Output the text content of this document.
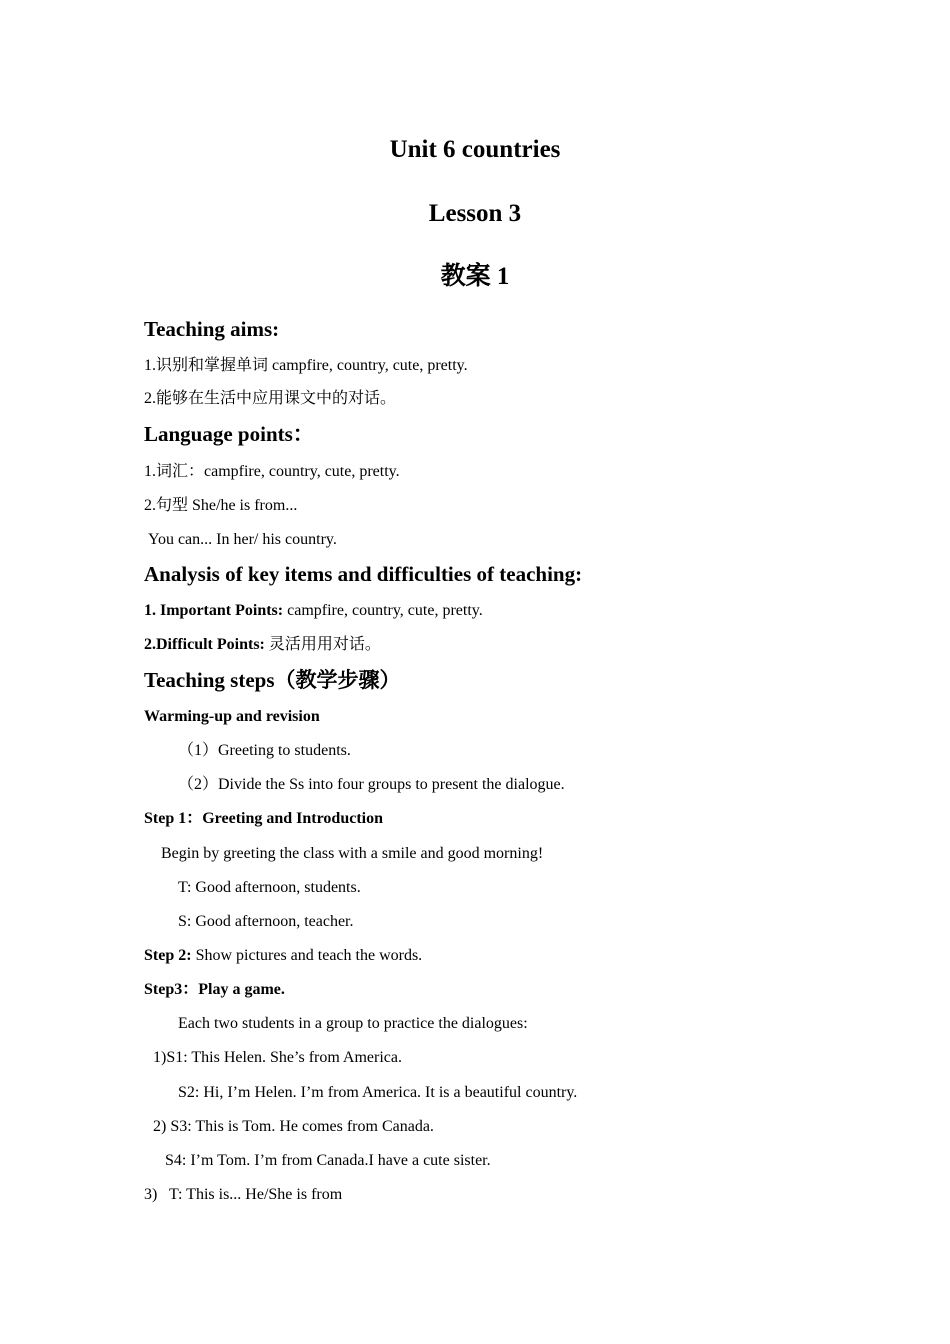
Unit 6 countries
Lesson 3
教案 1
Teaching aims:

1.识别和掌握单词 campfire, country, cute, pretty.

2.能够在生活中应用课文中的对话。

Language points：

1.词汇：campfire, country, cute, pretty.

2.句型 She/he is from...

You can... In her/ his country.

Analysis of key items and difficulties of teaching:

1. Important Points: campfire, country, cute, pretty.

2.Difficult Points: 灵活用用对话。

Teaching steps（教学步骤）

Warming-up and revision

（1）Greeting to students.

（2）Divide the Ss into four groups to present the dialogue.

Step 1：Greeting and Introduction

Begin by greeting the class with a smile and good morning!

T: Good afternoon, students.

S: Good afternoon, teacher.

Step 2: Show pictures and teach the words.

Step3：Play a game.

Each two students in a group to practice the dialogues:

1)S1: This Helen. She’s from America.

S2: Hi, I’m Helen. I’m from America. It is a beautiful country.

2) S3: This is Tom. He comes from Canada.

S4: I’m Tom. I’m from Canada.I have a cute sister.

3)   T: This is... He/She is from
